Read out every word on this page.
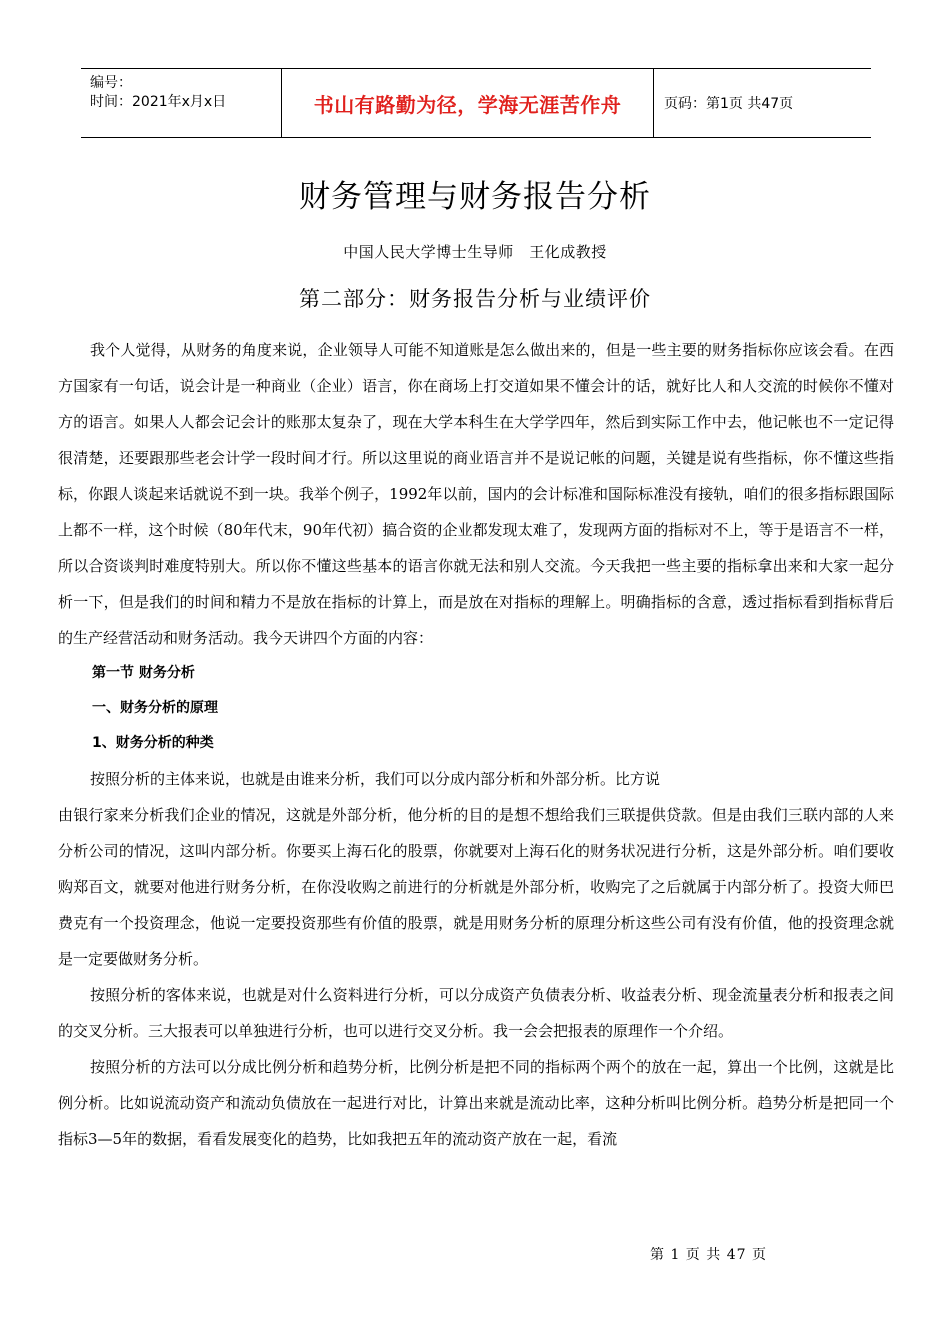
编号：
时间：2021年x月x日	书山有路勤为径，学海无涯苦作舟	页码：第1页 共47页
财务管理与财务报告分析
中国人民大学博士生导师　王化成教授
第二部分：财务报告分析与业绩评价

我个人觉得，从财务的角度来说，企业领导人可能不知道账是怎么做出来的，但是一些主要的财务指标你应该会看。在西方国家有一句话，说会计是一种商业（企业）语言，你在商场上打交道如果不懂会计的话，就好比人和人交流的时候你不懂对方的语言。如果人人都会记会计的账那太复杂了，现在大学本科生在大学学四年，然后到实际工作中去，他记帐也不一定记得很清楚，还要跟那些老会计学一段时间才行。所以这里说的商业语言并不是说记帐的问题，关键是说有些指标，你不懂这些指标，你跟人谈起来话就说不到一块。我举个例子，1992年以前，国内的会计标准和国际标准没有接轨，咱们的很多指标跟国际上都不一样，这个时候（80年代末，90年代初）搞合资的企业都发现太难了，发现两方面的指标对不上，等于是语言不一样，所以合资谈判时难度特别大。所以你不懂这些基本的语言你就无法和别人交流。今天我把一些主要的指标拿出来和大家一起分析一下，但是我们的时间和精力不是放在指标的计算上，而是放在对指标的理解上。明确指标的含意，透过指标看到指标背后的生产经营活动和财务活动。我今天讲四个方面的内容：

第一节 财务分析
一、财务分析的原理
1、财务分析的种类

按照分析的主体来说，也就是由谁来分析，我们可以分成内部分析和外部分析。比方说

由银行家来分析我们企业的情况，这就是外部分析，他分析的目的是想不想给我们三联提供贷款。但是由我们三联内部的人来分析公司的情况，这叫内部分析。你要买上海石化的股票，你就要对上海石化的财务状况进行分析，这是外部分析。咱们要收购郑百文，就要对他进行财务分析，在你没收购之前进行的分析就是外部分析，收购完了之后就属于内部分析了。投资大师巴费克有一个投资理念，他说一定要投资那些有价值的股票，就是用财务分析的原理分析这些公司有没有价值，他的投资理念就是一定要做财务分析。

按照分析的客体来说，也就是对什么资料进行分析，可以分成资产负债表分析、收益表分析、现金流量表分析和报表之间的交叉分析。三大报表可以单独进行分析，也可以进行交叉分析。我一会会把报表的原理作一个介绍。

按照分析的方法可以分成比例分析和趋势分析，比例分析是把不同的指标两个两个的放在一起，算出一个比例，这就是比例分析。比如说流动资产和流动负债放在一起进行对比，计算出来就是流动比率，这种分析叫比例分析。趋势分析是把同一个指标3—5年的数据，看看发展变化的趋势，比如我把五年的流动资产放在一起，看流

第 1 页 共 47 页
